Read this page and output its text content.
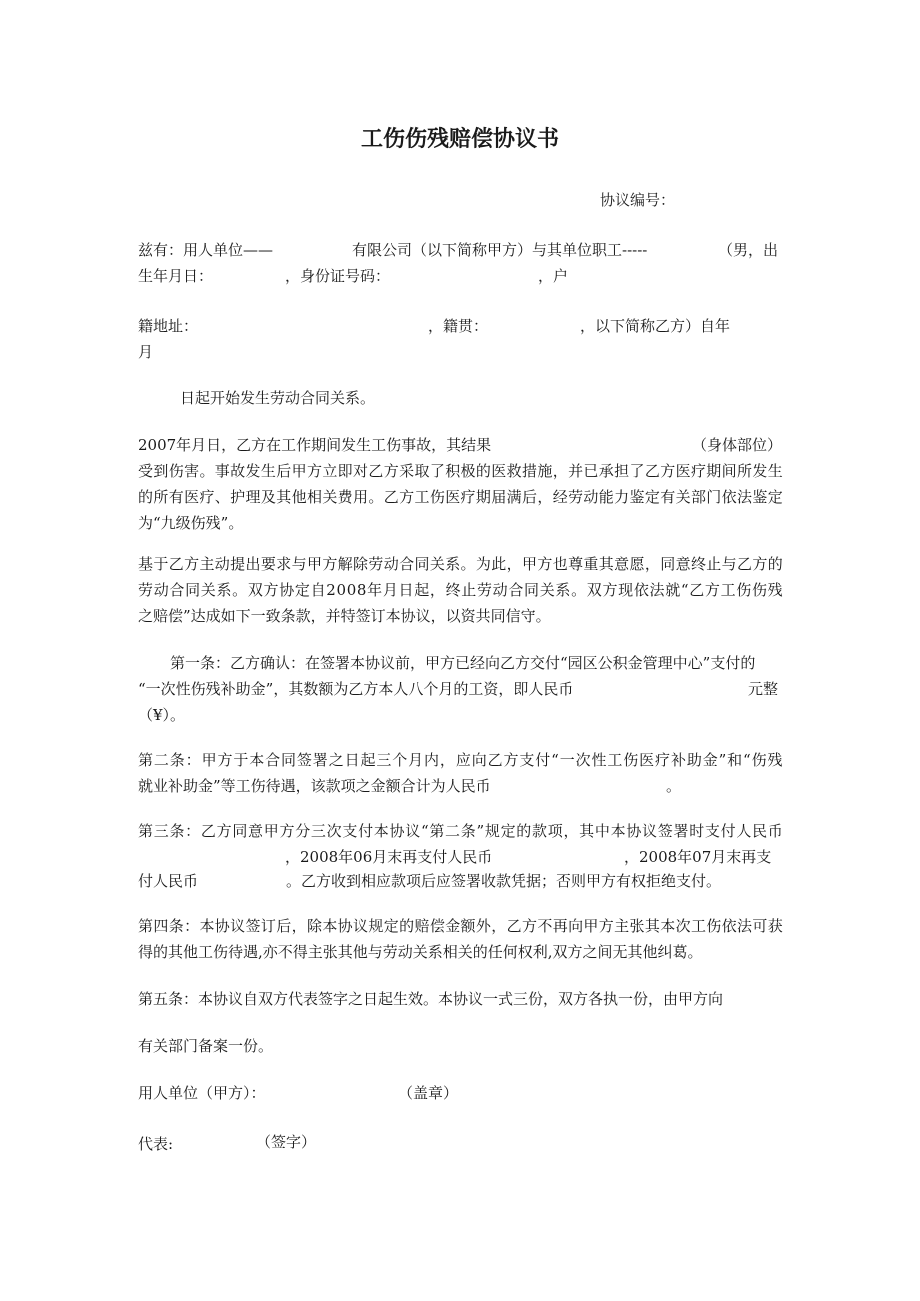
工伤伤残赔偿协议书
协议编号：
兹有：用人单位——	有限公司（以下简称甲方）与其单位职工-----	（男，出
生年月日：	，身份证号码：	，户
籍地址：	，籍贯：	，以下简称乙方）自年
月
日起开始发生劳动合同关系。
2007年月日，乙方在工作期间发生工伤事故，其结果	（身体部位）
受 到 伤 害 。 事 故 发 生 后 甲 方 立 即 对 乙 方 采 取 了 积 极 的 医 救 措 施 ， 并 已 承 担 了 乙 方 医 疗 期 间 所 发 生
的 所 有 医 疗 、 护 理 及 其 他 相 关 费 用 。 乙 方 工 伤 医 疗 期 届 满 后 ， 经 劳 动 能 力 鉴 定 有 关 部 门 依 法 鉴 定
为“九级伤残”。
基 于 乙 方 主 动 提 出 要 求 与 甲 方 解 除 劳 动 合 同 关 系 。 为 此 ， 甲 方 也 尊 重 其 意 愿 ， 同 意 终 止 与 乙 方 的
劳 动 合 同 关 系 。 双 方 协 定 自 2 0 0 8 年 月 日 起 ， 终 止 劳 动 合 同 关 系 。 双 方 现 依 法 就 “ 乙 方 工 伤 伤 残
之赔偿”达成如下一致条款，并特签订本协议，以资共同信守。
第一条：乙方确认：在签署本协议前，甲方已经向乙方交付“园区公积金管理中心”支付的
“一次性伤残补助金”，其数额为乙方本人八个月的工资，即人民币	元整
（¥）。
第 二 条 ： 甲 方 于 本 合 同 签 署 之 日 起 三 个 月 内 ， 应 向 乙 方 支 付 “ 一 次 性 工 伤 医 疗 补 助 金 ” 和 “ 伤 残
就业补助金”等工伤待遇，该款项之金额合计为人民币	。
第 三 条 ： 乙 方 同 意 甲 方 分 三 次 支 付 本 协 议 “ 第 二 条 ” 规 定 的 款 项 ， 其 中 本 协 议 签 署 时 支 付 人 民 币
，2008年06月末再支付人民币	，2008年07月末再支
付人民币	。乙方收到相应款项后应签署收款凭据；否则甲方有权拒绝支付。
第 四 条 ： 本 协 议 签 订 后 ， 除 本 协 议 规 定 的 赔 偿 金 额 外 ， 乙 方 不 再 向 甲 方 主 张 其 本 次 工 伤 依 法 可 获
得的其他工伤待遇,亦不得主张其他与劳动关系相关的任何权利,双方之间无其他纠葛。
第五条：本协议自双方代表签字之日起生效。本协议一式三份，双方各执一份，由甲方向
有关部门备案一份。
用人单位（甲方）：	（盖章）
代表:	（签字）
